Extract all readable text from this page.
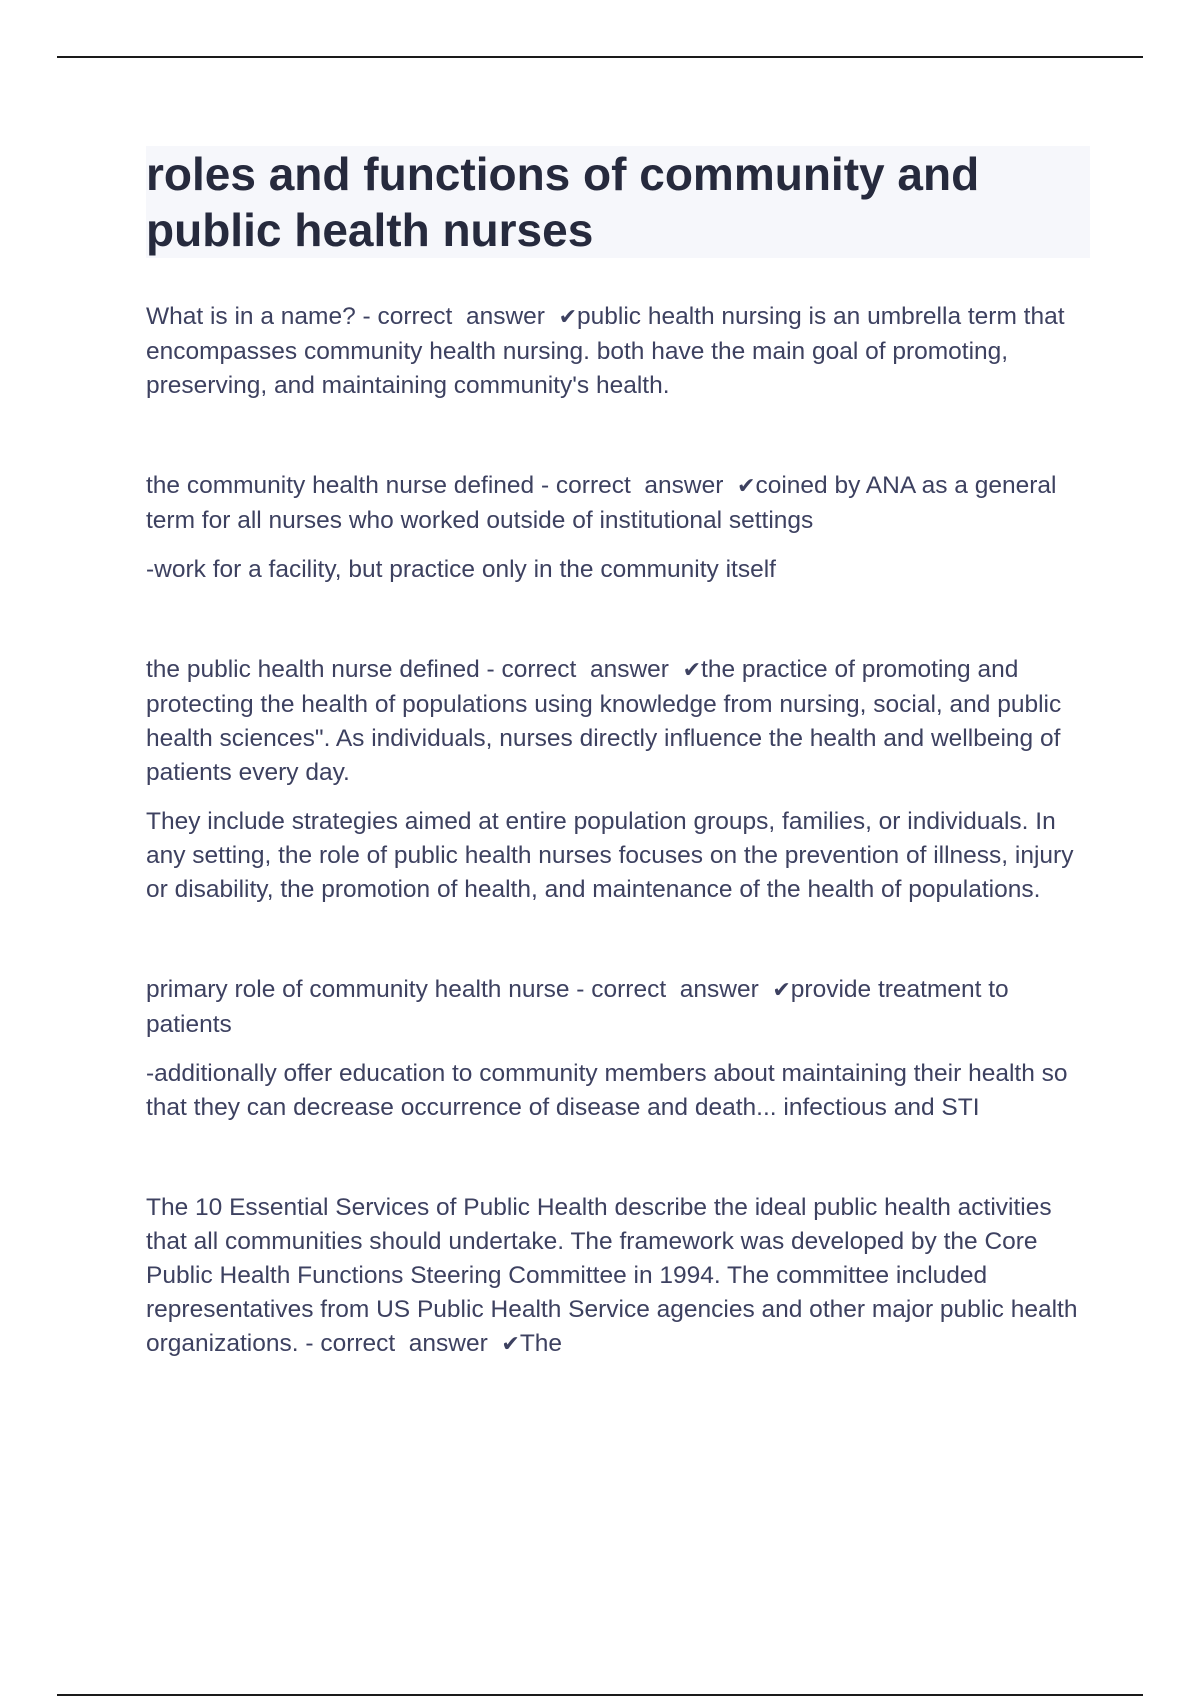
roles and functions of community and public health nurses

What is in a name? - correct  answer  ✔public health nursing is an umbrella term that encompasses community health nursing. both have the main goal of promoting, preserving, and maintaining community's health.

the community health nurse defined - correct  answer  ✔coined by ANA as a general term for all nurses who worked outside of institutional settings

-work for a facility, but practice only in the community itself

the public health nurse defined - correct  answer  ✔the practice of promoting and protecting the health of populations using knowledge from nursing, social, and public health sciences". As individuals, nurses directly influence the health and wellbeing of patients every day.

They include strategies aimed at entire population groups, families, or individuals. In any setting, the role of public health nurses focuses on the prevention of illness, injury or disability, the promotion of health, and maintenance of the health of populations.

primary role of community health nurse - correct  answer  ✔provide treatment to patients

-additionally offer education to community members about maintaining their health so that they can decrease occurrence of disease and death... infectious and STI

The 10 Essential Services of Public Health describe the ideal public health activities that all communities should undertake. The framework was developed by the Core Public Health Functions Steering Committee in 1994. The committee included representatives from US Public Health Service agencies and other major public health organizations. - correct  answer  ✔The
